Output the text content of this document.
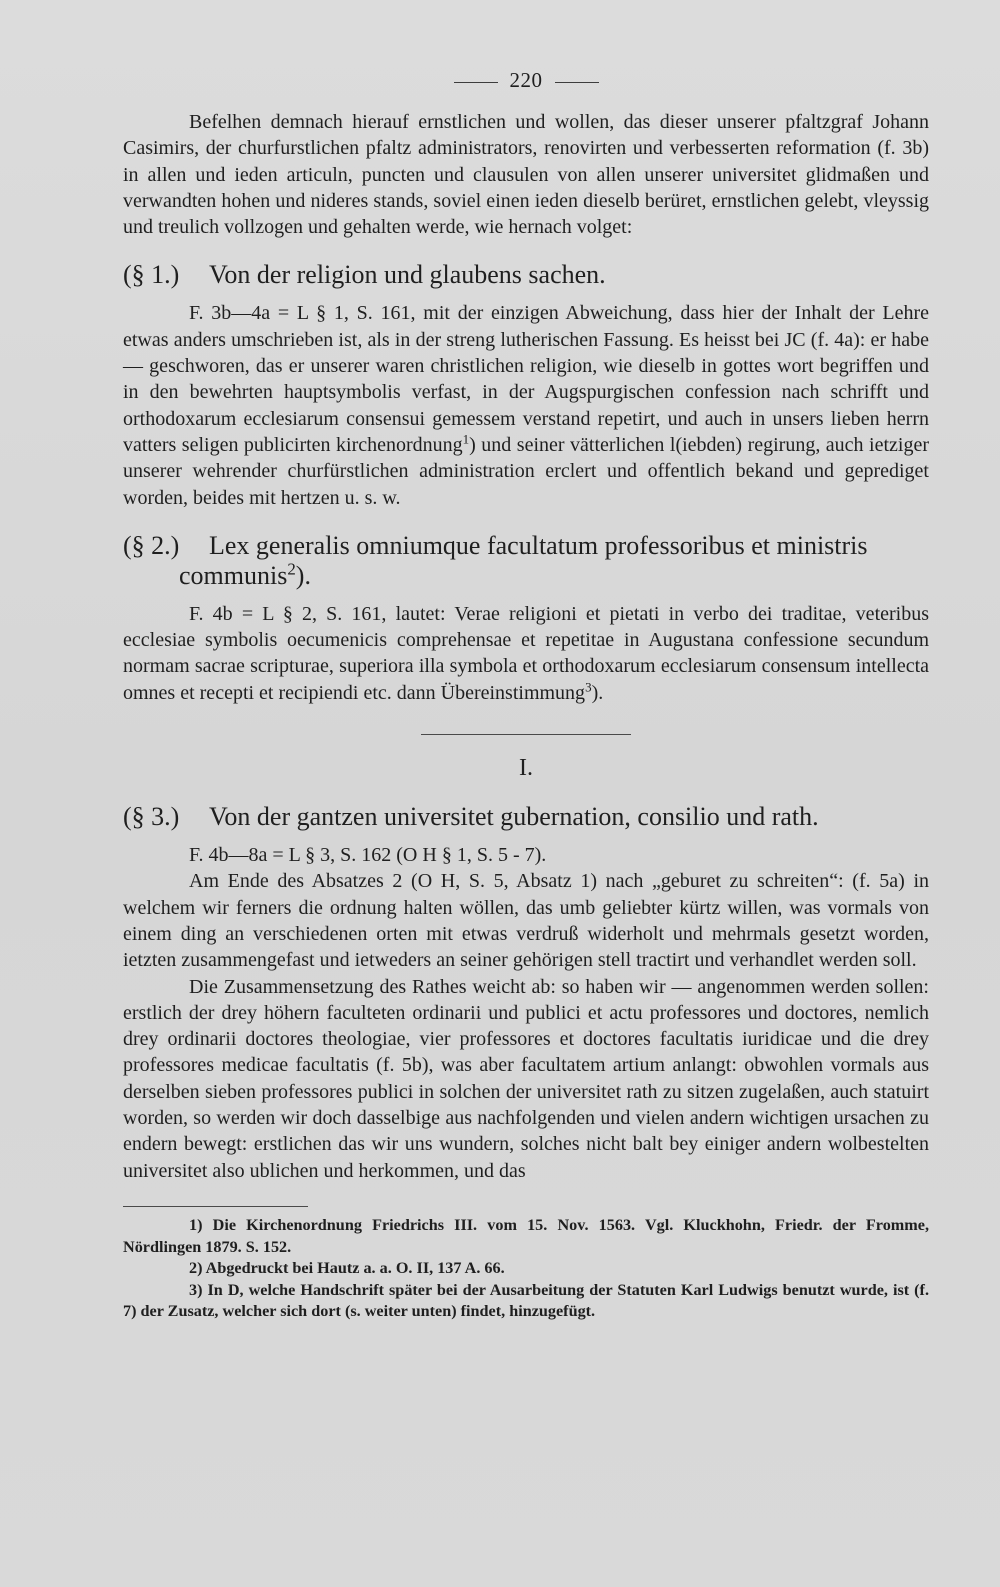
220

Befelhen demnach hierauf ernstlichen und wollen, das dieser unserer pfaltzgraf Johann Casimirs, der churfurstlichen pfaltz administrators, renovirten und verbesserten reformation (f. 3b) in allen und ieden articuln, puncten und clausulen von allen unserer universitet glidmaßen und verwandten hohen und nideres stands, soviel einen ieden dieselb berüret, ernstlichen gelebt, vleyssig und treulich vollzogen und gehalten werde, wie hernach volget:

(§ 1.) Von der religion und glaubens sachen.

F. 3b—4a = L § 1, S. 161, mit der einzigen Abweichung, dass hier der Inhalt der Lehre etwas anders umschrieben ist, als in der streng lutherischen Fassung. Es heisst bei JC (f. 4a): er habe — geschworen, das er unserer waren christlichen religion, wie dieselb in gottes wort begriffen und in den bewehrten hauptsymbolis verfast, in der Augspurgischen confession nach schrifft und orthodoxarum ecclesiarum consensui gemessem verstand repetirt, und auch in unsers lieben herrn vatters seligen publicirten kirchenordnung$^1$) und seiner vätterlichen l(iebden) regirung, auch ietziger unserer wehrender churfürstlichen administration erclert und offentlich bekand und geprediget worden, beides mit hertzen u. s. w.

(§ 2.) Lex generalis omniumque facultatum professoribus et ministris communis$^2$).

F. 4b = L § 2, S. 161, lautet: Verae religioni et pietati in verbo dei traditae, veteribus ecclesiae symbolis oecumenicis comprehensae et repetitae in Augustana confessione secundum normam sacrae scripturae, superiora illa symbola et orthodoxarum ecclesiarum consensum intellecta omnes et recepti et recipiendi etc. dann Übereinstimmung$^3$).

I.
(§ 3.) Von der gantzen universitet gubernation, consilio und rath.

F. 4b—8a = L § 3, S. 162 (O H § 1, S. 5 - 7).

Am Ende des Absatzes 2 (O H, S. 5, Absatz 1) nach „geburet zu schreiten“: (f. 5a) in welchem wir ferners die ordnung halten wöllen, das umb geliebter kürtz willen, was vormals von einem ding an verschiedenen orten mit etwas verdruß widerholt und mehrmals gesetzt worden, ietzten zusammengefast und ietweders an seiner gehörigen stell tractirt und verhandlet werden soll.

Die Zusammensetzung des Rathes weicht ab: so haben wir — angenommen werden sollen: erstlich der drey höhern faculteten ordinarii und publici et actu professores und doctores, nemlich drey ordinarii doctores theologiae, vier professores et doctores facultatis iuridicae und die drey professores medicae facultatis (f. 5b), was aber facultatem artium anlangt: obwohlen vormals aus derselben sieben professores publici in solchen der universitet rath zu sitzen zugelaßen, auch statuirt worden, so werden wir doch dasselbige aus nachfolgenden und vielen andern wichtigen ursachen zu endern bewegt: erstlichen das wir uns wundern, solches nicht balt bey einiger andern wolbestelten universitet also ublichen und herkommen, und das

1) Die Kirchenordnung Friedrichs III. vom 15. Nov. 1563. Vgl. Kluckhohn, Friedr. der Fromme, Nördlingen 1879. S. 152.

2) Abgedruckt bei Hautz a. a. O. II, 137 A. 66.

3) In D, welche Handschrift später bei der Ausarbeitung der Statuten Karl Ludwigs benutzt wurde, ist (f. 7) der Zusatz, welcher sich dort (s. weiter unten) findet, hinzugefügt.
